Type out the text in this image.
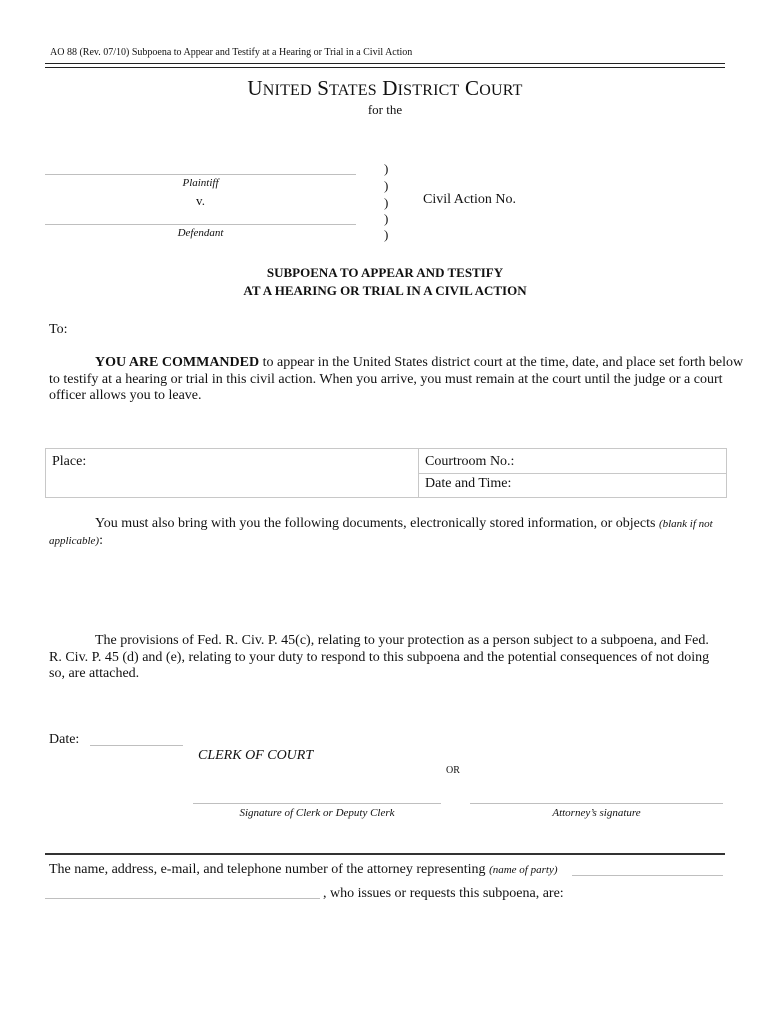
AO 88 (Rev. 07/10) Subpoena to Appear and Testify at a Hearing or Trial in a Civil Action
UNITED STATES DISTRICT COURT
for the
Plaintiff
v.
Defendant
)
)
)
)
)
Civil Action No.
SUBPOENA TO APPEAR AND TESTIFY
AT A HEARING OR TRIAL IN A CIVIL ACTION
To:
YOU ARE COMMANDED to appear in the United States district court at the time, date, and place set forth below
to testify at a hearing or trial in this civil action. When you arrive, you must remain at the court until the judge or a court
officer allows you to leave.
Place:	Courtroom No.:
Date and Time:
You must also bring with you the following documents, electronically stored information, or objects (blank if not
applicable):
The provisions of Fed. R. Civ. P. 45(c), relating to your protection as a person subject to a subpoena, and Fed.
R. Civ. P. 45 (d) and (e), relating to your duty to respond to this subpoena and the potential consequences of not doing
so, are attached.
Date:
CLERK OF COURT
OR
Signature of Clerk or Deputy Clerk	Attorney’s signature
The name, address, e-mail, and telephone number of the attorney representing (name of party)
, who issues or requests this subpoena, are:
